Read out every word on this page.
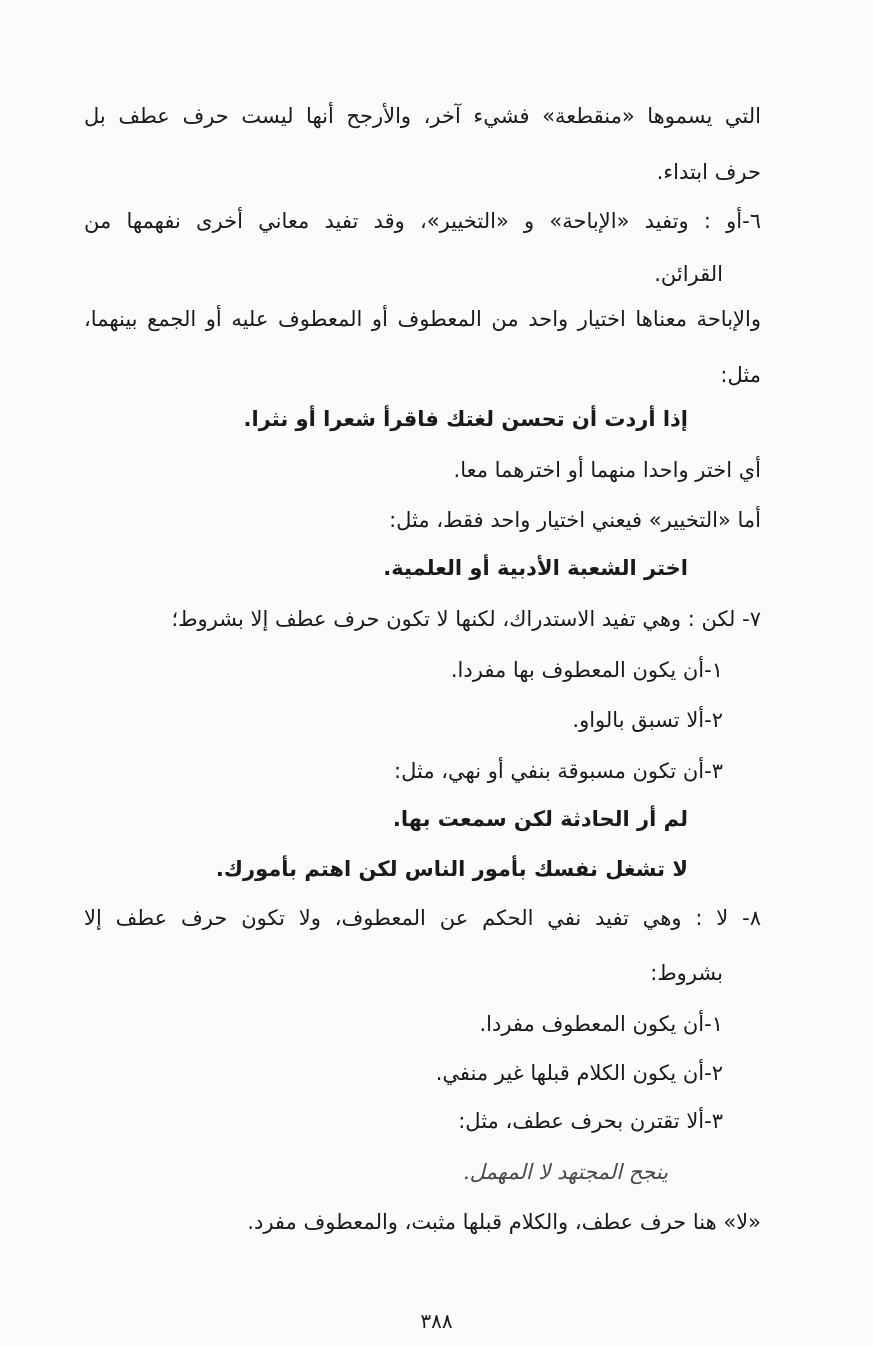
التي يسموها «منقطعة» فشيء آخر، والأرجح أنها ليست حرف عطف بل
حرف ابتداء.
٦-أو : وتفيد «الإباحة» و «التخيير»، وقد تفيد معاني أخرى نفهمها من
القرائن.
والإباحة معناها اختيار واحد من المعطوف أو المعطوف عليه أو الجمع بينهما،
مثل:
إذا أردت أن تحسن لغتك فاقرأ شعرا أو نثرا.
أي اختر واحدا منهما أو اخترهما معا.
أما «التخيير» فيعني اختيار واحد فقط، مثل:
اختر الشعبة الأدبية أو العلمية.
٧- لكن : وهي تفيد الاستدراك، لكنها لا تكون حرف عطف إلا بشروط؛
١-أن يكون المعطوف بها مفردا.
٢-ألا تسبق بالواو.
٣-أن تكون مسبوقة بنفي أو نهي، مثل:
لم أر الحادثة لكن سمعت بها.
لا تشغل نفسك بأمور الناس لكن اهتم بأمورك.
٨- لا : وهي تفيد نفي الحكم عن المعطوف، ولا تكون حرف عطف إلا
بشروط:
١-أن يكون المعطوف مفردا.
٢-أن يكون الكلام قبلها غير منفي.
٣-ألا تقترن بحرف عطف، مثل:
ينجح المجتهد لا المهمل.
«لا» هنا حرف عطف، والكلام قبلها مثبت، والمعطوف مفرد.
٣٨٨
